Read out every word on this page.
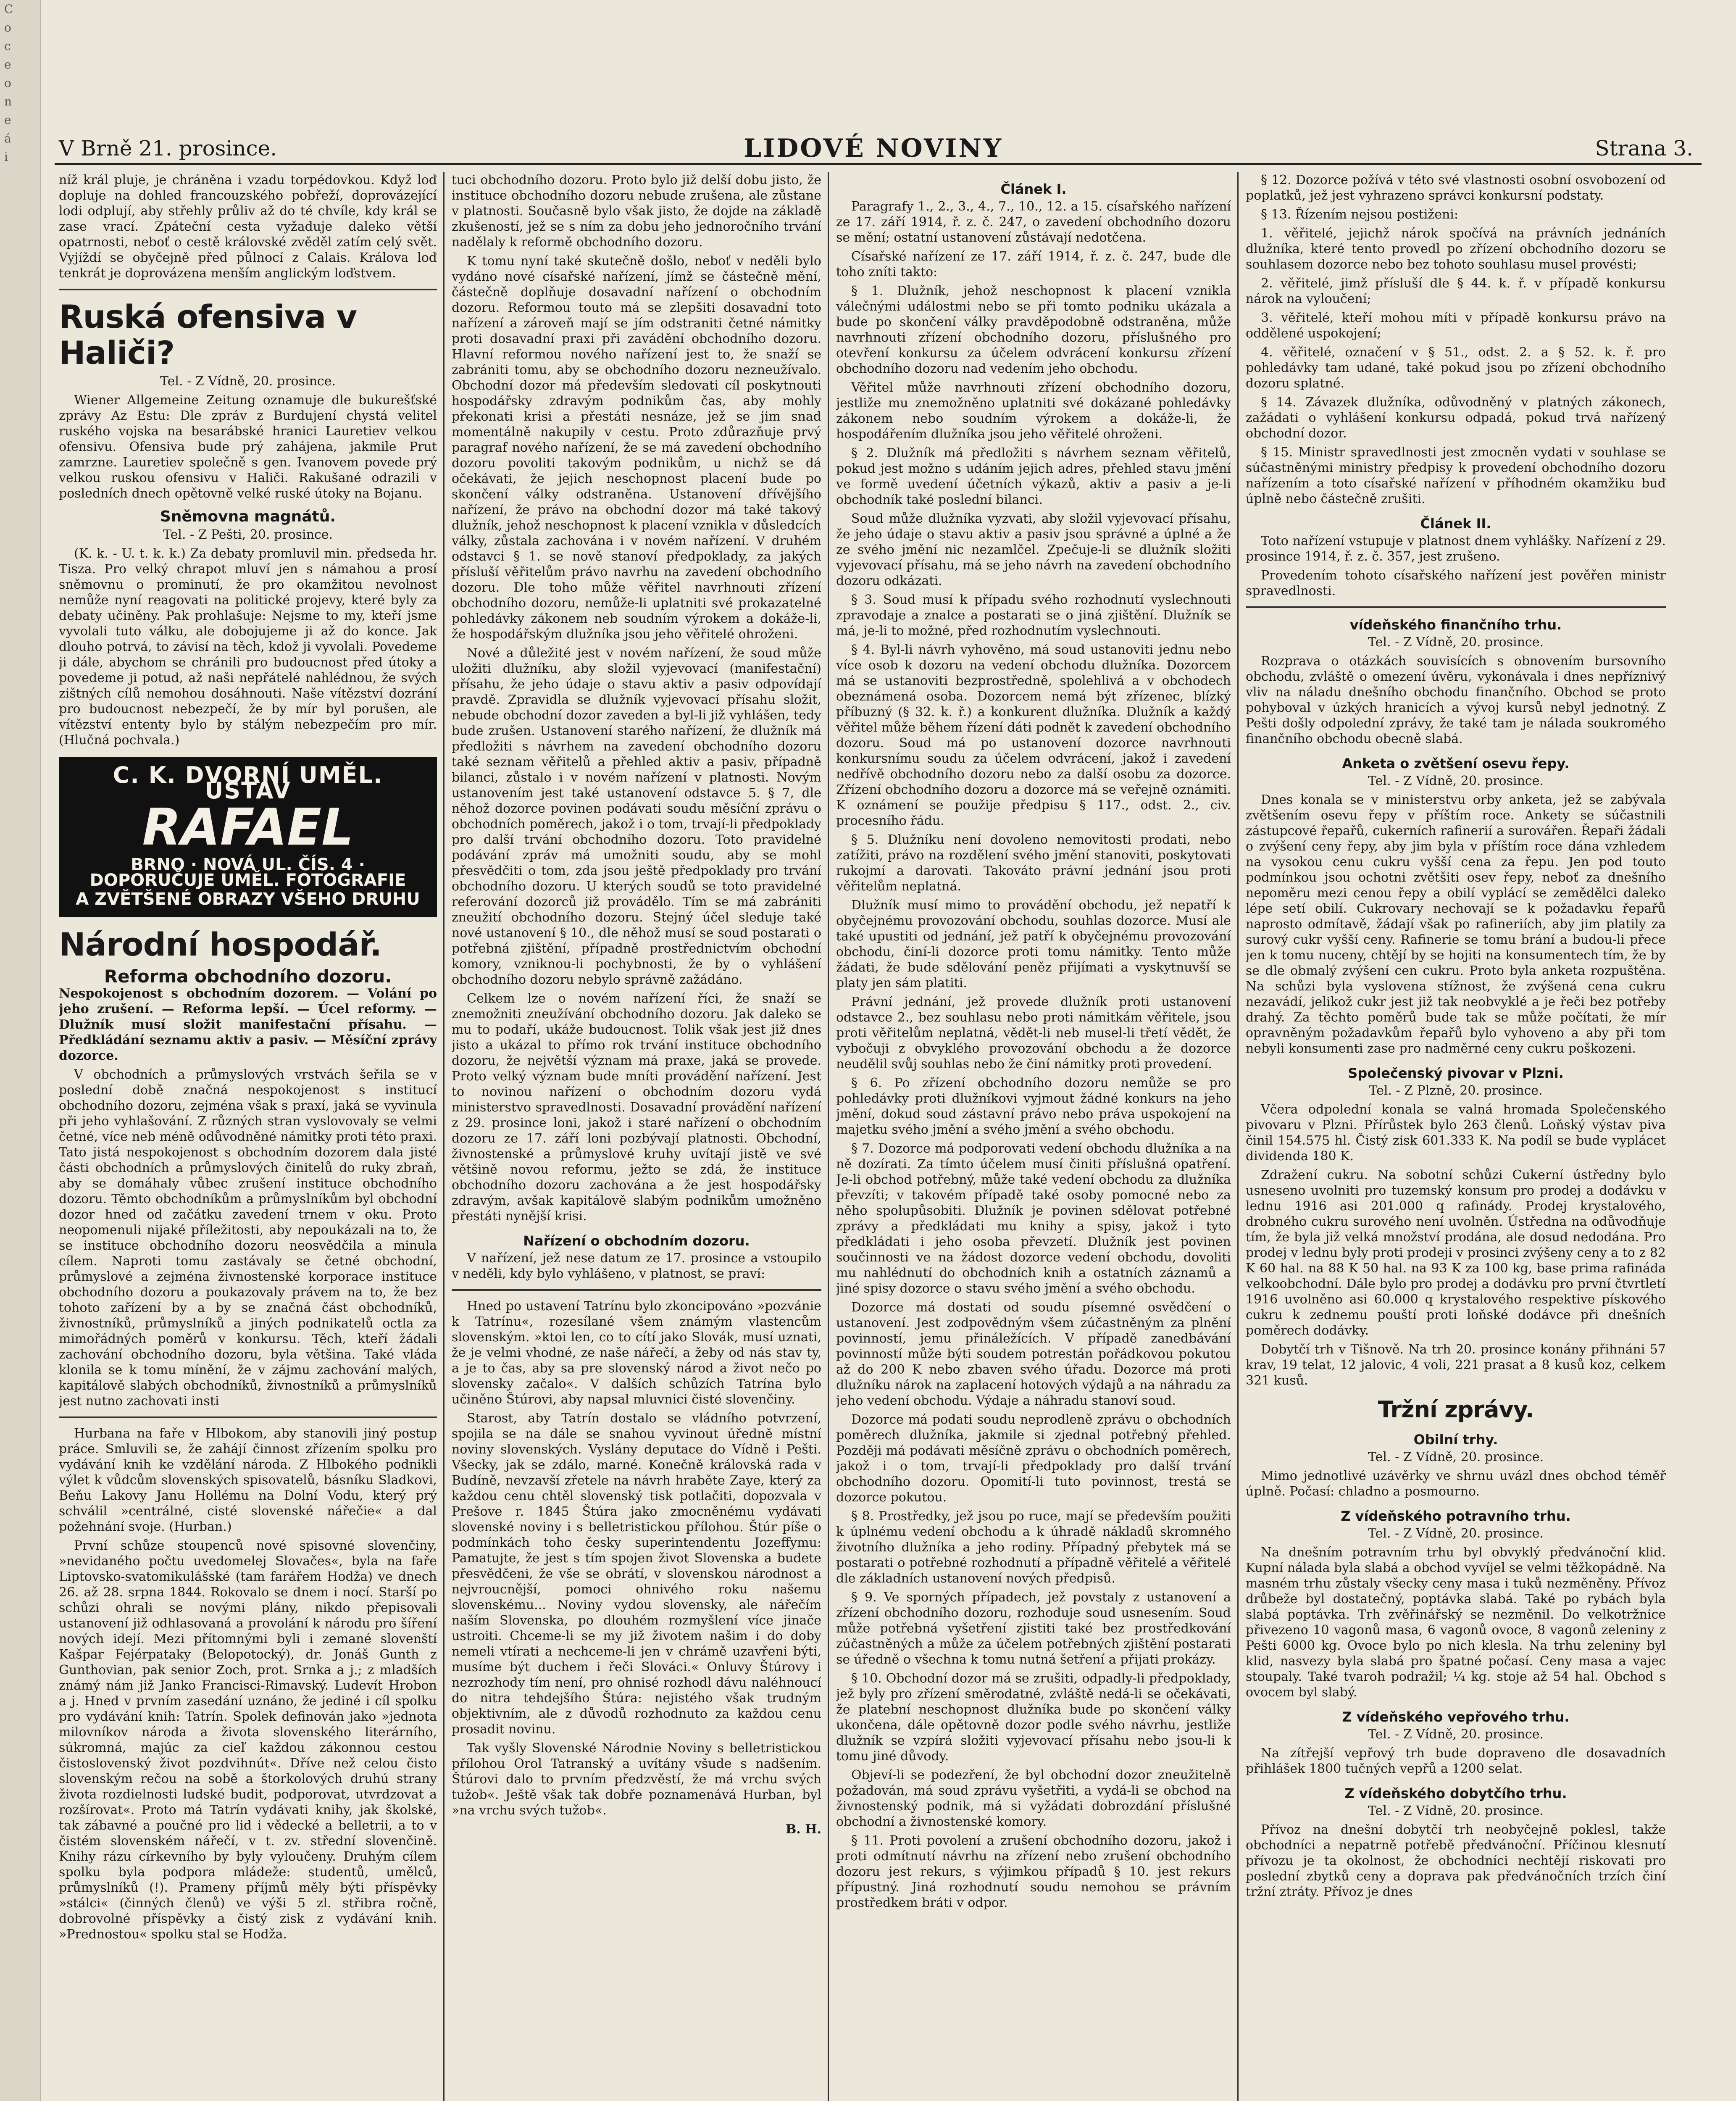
C
o
c
e
o
n
e
á
i	V Brně 21. prosince.	LIDOVÉ NOVINY	Strana 3.

níž král pluje, je chráněna i vzadu torpédovkou. Když loď dopluje na dohled francouzského pobřeží, doprovázející lodi odplují, aby střehly průliv až do té chvíle, kdy král se zase vrací. Zpáteční cesta vyžaduje daleko větší opatrnosti, neboť o cestě královské zvěděl zatím celý svět. Vyjíždí se obyčejně před půlnocí z Calais. Králova loď tenkrát je doprovázena menším anglickým loďstvem.

Ruská ofensiva v Haliči?
Tel. - Z Vídně, 20. prosince.

Wiener Allgemeine Zeitung oznamuje dle bukurešťské zprávy Az Estu: Dle zpráv z Burdujení chystá velitel ruského vojska na besarábské hranici Lauretiev velkou ofensivu. Ofensiva bude prý zahájena, jakmile Prut zamrzne. Lauretiev společně s gen. Ivanovem povede prý velkou ruskou ofensivu v Haliči. Rakušané odrazili v posledních dnech opětovně velké ruské útoky na Bojanu.

Sněmovna magnátů.
Tel. - Z Pešti, 20. prosince.

(K. k. - U. t. k. k.) Za debaty promluvil min. předseda hr. Tisza. Pro velký chrapot mluví jen s námahou a prosí sněmovnu o prominutí, že pro okamžitou nevolnost nemůže nyní reagovati na politické projevy, které byly za debaty učiněny. Pak prohlašuje: Nejsme to my, kteří jsme vyvolali tuto válku, ale dobojujeme ji až do konce. Jak dlouho potrvá, to závisí na těch, kdož ji vyvolali. Povedeme ji dále, abychom se chránili pro budoucnost před útoky a povedeme ji potud, až naši nepřátelé nahlédnou, že svých zištných cílů nemohou dosáhnouti. Naše vítězství dozrání pro budoucnost nebezpečí, že by mír byl porušen, ale vítězství ententy bylo by stálým nebezpečím pro mír. (Hlučná pochvala.)

C. K. DVORNÍ UMĚL. ÚSTAV
RAFAEL
BRNO · NOVÁ UL. ČÍS. 4 · DOPORUČUJE UMĚL. FOTOGRAFIE
A ZVĚTŠENÉ OBRAZY VŠEHO DRUHU
Národní hospodář.
Reforma obchodního dozoru.

Nespokojenost s obchodním dozorem. — Volání po jeho zrušení. — Reforma lepší. — Úcel reformy. — Dlužník musí složit manifestační přísahu. — Předkládání seznamu aktiv a pasiv. — Měsíční zprávy dozorce.

V obchodních a průmyslových vrstvách šeřila se v poslední době značná nespokojenost s institucí obchodního dozoru, zejména však s praxí, jaká se vyvinula při jeho vyhlašování. Z různých stran vyslovovaly se velmi četné, více neb méně odůvodněné námitky proti této praxi. Tato jistá nespokojenost s obchodním dozorem dala jisté části obchodních a průmyslových činitelů do ruky zbraň, aby se domáhaly vůbec zrušení instituce obchodního dozoru. Těmto obchodníkům a průmyslníkům byl obchodní dozor hned od začátku zavedení trnem v oku. Proto neopomenuli nijaké příležitosti, aby nepoukázali na to, že se instituce obchodního dozoru neosvědčila a minula cílem. Naproti tomu zastávaly se četné obchodní, průmyslové a zejména živnostenské korporace instituce obchodního dozoru a poukazovaly právem na to, že bez tohoto zařízení by a by se značná část obchodníků, živnostníků, průmyslníků a jiných podnikatelů octla za mimořádných poměrů v konkursu. Těch, kteří žádali zachování obchodního dozoru, byla většina. Také vláda klonila se k tomu mínění, že v zájmu zachování malých, kapitálově slabých obchodníků, živnostníků a průmyslníků jest nutno zachovati insti

Hurbana na faře v Hlbokom, aby stanovili jiný postup práce. Smluvili se, že zahájí činnost zřízením spolku pro vydávání knih ke vzdělání národa. Z Hlbokého podnikli výlet k vůdcům slovenských spisovatelů, básníku Sladkovi, Beňu Lakovy Janu Hollému na Dolní Vodu, který prý schválil »centrálné, cisté slovenské nářečie« a dal požehnání svoje. (Hurban.)

První schůze stoupenců nové spisovné slovenčiny, »nevidaného počtu uvedomelej Slovačes«, byla na faře Liptovsko-svatomikulášské (tam farářem Hodža) ve dnech 26. až 28. srpna 1844. Rokovalo se dnem i nocí. Starší po schůzi ohrali se novými plány, nikdo přepisovali ustanovení již odhlasovaná a provolání k národu pro šíření nových idejí. Mezi přítomnými byli i zemané slovenští Kašpar Fejérpataky (Belopotocký), dr. Jonáš Gunth z Gunthovian, pak senior Zoch, prot. Srnka a j.; z mladších známý nám již Janko Francisci-Rimavský. Ludevít Hrobon a j. Hned v prvním zasedání uznáno, že jediné i cíl spolku pro vydávání knih: Tatrín. Spolek definován jako »jednota milovníkov národa a života slovenského literárního, súkromná, majúc za cieľ každou zákonnou cestou čistoslovenský život pozdvihnút«. Dříve než celou čisto slovenským rečou na sobě a štorkolových druhú strany života rozdielnosti ludské budit, podporovat, utvrdzovat a rozšírovat«. Proto má Tatrín vydávati knihy, jak školské, tak zábavné a poučné pro lid i vědecké a belletrii, a to v čistém slovenském nářečí, v t. zv. střední slovenčině. Knihy rázu církevního by byly vyloučeny. Druhým cílem spolku byla podpora mládeže: studentů, umělců, průmyslníků (!). Prameny příjmů měly býti příspěvky »stálci« (činných členů) ve výši 5 zl. střibra ročně, dobrovolné příspěvky a čistý zisk z vydávání knih. »Prednostou« spolku stal se Hodža.

tuci obchodního dozoru. Proto bylo již delší dobu jisto, že instituce obchodního dozoru nebude zrušena, ale zůstane v platnosti. Současně bylo však jisto, že dojde na základě zkušeností, jež se s ním za dobu jeho jednoročního trvání nadělaly k reformě obchodního dozoru.

K tomu nyní také skutečně došlo, neboť v neděli bylo vydáno nové císařské nařízení, jímž se částečně mění, částečně doplňuje dosavadní nařízení o obchodním dozoru. Reformou touto má se zlepšiti dosavadní toto nařízení a zároveň mají se jím odstraniti četné námitky proti dosavadní praxi při zavádění obchodního dozoru. Hlavní reformou nového nařízení jest to, že snaží se zabrániti tomu, aby se obchodního dozoru nezneužívalo. Obchodní dozor má především sledovati cíl poskytnouti hospodářsky zdravým podnikům čas, aby mohly překonati krisi a přestáti nesnáze, jež se jim snad momentálně nakupily v cestu. Proto zdůrazňuje prvý paragraf nového nařízení, že se má zavedení obchodního dozoru povoliti takovým podnikům, u nichž se dá očekávati, že jejich neschopnost placení bude po skončení války odstraněna. Ustanovení dřívějšího nařízení, že právo na obchodní dozor má také takový dlužník, jehož neschopnost k placení vznikla v důsledcích války, zůstala zachována i v novém nařízení. V druhém odstavci § 1. se nově stanoví předpoklady, za jakých přísluší věřitelům právo navrhu na zavedení obchodního dozoru. Dle toho může věřitel navrhnouti zřízení obchodního dozoru, nemůže-li uplatniti své prokazatelné pohledávky zákonem neb soudním výrokem a dokáže-li, že hospodářským dlužníka jsou jeho věřitelé ohroženi.

Nové a důležité jest v novém nařízení, že soud může uložiti dlužníku, aby složil vyjevovací (manifestační) přísahu, že jeho údaje o stavu aktiv a pasiv odpovídají pravdě. Zpravidla se dlužník vyjevovací přísahu složit, nebude obchodní dozor zaveden a byl-li již vyhlášen, tedy bude zrušen. Ustanovení starého nařízení, že dlužník má předložiti s návrhem na zavedení obchodního dozoru také seznam věřitelů a přehled aktiv a pasiv, případně bilanci, zůstalo i v novém nařízení v platnosti. Novým ustanovením jest také ustanovení odstavce 5. § 7, dle něhož dozorce povinen podávati soudu měsíční zprávu o obchodních poměrech, jakož i o tom, trvají-li předpoklady pro další trvání obchodního dozoru. Toto pravidelné podávání zpráv má umožniti soudu, aby se mohl přesvědčiti o tom, zda jsou ještě předpoklady pro trvání obchodního dozoru. U kterých soudů se toto pravidelné referování dozorců již provádělo. Tím se má zabrániti zneužití obchodního dozoru. Stejný účel sleduje také nové ustanovení § 10., dle něhož musí se soud postarati o potřebná zjištění, případně prostřednictvím obchodní komory, vzniknou-li pochybnosti, že by o vyhlášení obchodního dozoru nebylo správně zažádáno.

Celkem lze o novém nařízení říci, že snaží se znemožniti zneužívání obchodního dozoru. Jak daleko se mu to podaří, ukáže budoucnost. Tolik však jest již dnes jisto a ukázal to přímo rok trvání instituce obchodního dozoru, že největší význam má praxe, jaká se provede. Proto velký význam bude mníti provádění nařízení. Jest to novinou nařízení o obchodním dozoru vydá ministerstvo spravedlnosti. Dosavadní provádění nařízení z 29. prosince loni, jakož i staré nařízení o obchodním dozoru ze 17. září loni pozbývají platnosti. Obchodní, živnostenské a průmyslové kruhy uvítají jistě ve své většině novou reformu, ježto se zdá, že instituce obchodního dozoru zachována a že jest hospodářsky zdravým, avšak kapitálově slabým podnikům umožněno přestáti nynější krisi.

Nařízení o obchodním dozoru.

V nařízení, jež nese datum ze 17. prosince a vstoupilo v neděli, kdy bylo vyhlášeno, v platnost, se praví:

Hned po ustavení Tatrínu bylo zkoncipováno »pozvánie k Tatrínu«, rozesílané všem známým vlastencům slovenským. »ktoi len, co to cítí jako Slovák, musí uznati, že je velmi vhodné, ze naše nářečí, a žeby od nás stav ty, a je to čas, aby sa pre slovenský národ a život nečo po slovensky začalo«. V dalších schůzích Tatrína bylo učiněno Štúrovi, aby napsal mluvnici čisté slovenčiny.

Starost, aby Tatrín dostalo se vládního potvrzení, spojila se na dále se snahou vyvinout úředně místní noviny slovenských. Vyslány deputace do Vídně i Pešti. Všecky, jak se zdálo, marné. Konečně královská rada v Budíně, nevzavší zřetele na návrh hraběte Zaye, který za každou cenu chtěl slovenský tisk potlačiti, dopozvala v Prešove r. 1845 Štúra jako zmocněnému vydávati slovenské noviny i s belletristickou přílohou. Štúr píše o podmínkách toho česky superintendentu Jozeffymu: Pamatujte, že jest s tím spojen život Slovenska a budete přesvědčeni, že vše se obrátí, v slovenskou národnost a nejvroucnější, pomoci ohnivého roku našemu slovenskému... Noviny vydou slovensky, ale nářečím naším Slovenska, po dlouhém rozmyšlení více jinače ustroiti. Chceme-li se my již životem našim i do doby nemeli vtírati a nechceme-li jen v chrámě uzavřeni býti, musíme být duchem i řeči Slováci.« Onluvy Štúrovy i nezrozhody tím není, pro ohnisé rozhodl dávu naléhnoucí do nitra tehdejšího Štúra: nejistého však trudným objektivním, ale z důvodů rozhodnuto za každou cenu prosadit novinu.

Tak vyšly Slovenské Národnie Noviny s belletristickou přílohou Orol Tatranský a uvítány všude s nadšením. Štúrovi dalo to prvním předzvěstí, že má vrchu svých tužob«. Ještě však tak dobře poznamenává Hurban, byl »na vrchu svých tužob«.

B. H.
Článek I.

Paragrafy 1., 2., 3., 4., 7., 10., 12. a 15. císařského nařízení ze 17. září 1914, ř. z. č. 247, o zavedení obchodního dozoru se mění; ostatní ustanovení zůstávají nedotčena.

Císařské nařízení ze 17. září 1914, ř. z. č. 247, bude dle toho zníti takto:

§ 1. Dlužník, jehož neschopnost k placení vznikla válečnými událostmi nebo se při tomto podniku ukázala a bude po skončení války pravděpodobně odstraněna, může navrhnouti zřízení obchodního dozoru, příslušného pro otevření konkursu za účelem odvrácení konkursu zřízení obchodního dozoru nad vedením jeho obchodu.

Věřitel může navrhnouti zřízení obchodního dozoru, jestliže mu znemožněno uplatniti své dokázané pohledávky zákonem nebo soudním výrokem a dokáže-li, že hospodářením dlužníka jsou jeho věřitelé ohroženi.

§ 2. Dlužník má předložiti s návrhem seznam věřitelů, pokud jest možno s udáním jejich adres, přehled stavu jmění ve formě uvedení účetních výkazů, aktiv a pasiv a je-li obchodník také poslední bilanci.

Soud může dlužníka vyzvati, aby složil vyjevovací přísahu, že jeho údaje o stavu aktiv a pasiv jsou správné a úplné a že ze svého jmění nic nezamlčel. Zpečuje-li se dlužník složiti vyjevovací přísahu, má se jeho návrh na zavedení obchodního dozoru odkázati.

§ 3. Soud musí k případu svého rozhodnutí vyslechnouti zpravodaje a znalce a postarati se o jiná zjištění. Dlužník se má, je-li to možné, před rozhodnutím vyslechnouti.

§ 4. Byl-li návrh vyhověno, má soud ustanoviti jednu nebo více osob k dozoru na vedení obchodu dlužníka. Dozorcem má se ustanoviti bezprostředně, spolehlivá a v obchodech obeznámená osoba. Dozorcem nemá být zřízenec, blízký příbuzný (§ 32. k. ř.) a konkurent dlužníka. Dlužník a každý věřitel může během řízení dáti podnět k zavedení obchodního dozoru. Soud má po ustanovení dozorce navrhnouti konkursnímu soudu za účelem odvrácení, jakož i zavedení nedřívě obchodního dozoru nebo za další osobu za dozorce. Zřízení obchodního dozoru a dozorce má se veřejně oznámiti. K oznámení se použije předpisu § 117., odst. 2., civ. procesního řádu.

§ 5. Dlužníku není dovoleno nemovitosti prodati, nebo zatížiti, právo na rozdělení svého jmění stanoviti, poskytovati rukojmí a darovati. Takováto právní jednání jsou proti věřitelům neplatná.

Dlužník musí mimo to provádění obchodu, jež nepatří k obyčejnému provozování obchodu, souhlas dozorce. Musí ale také upustiti od jednání, jež patří k obyčejnému provozování obchodu, činí-li dozorce proti tomu námitky. Tento může žádati, že bude sdělování peněz přijímati a vyskytnuvší se platy jen sám platiti.

Právní jednání, jež provede dlužník proti ustanovení odstavce 2., bez souhlasu nebo proti námitkám věřitele, jsou proti věřitelům neplatná, vědět-li neb musel-li třetí vědět, že vybočuji z obvyklého provozování obchodu a že dozorce neudělil svůj souhlas nebo že činí námitky proti provedení.

§ 6. Po zřízení obchodního dozoru nemůže se pro pohledávky proti dlužníkovi vyjmout žádné konkurs na jeho jmění, dokud soud zástavní právo nebo práva uspokojení na majetku svého jmění a svého jmění a svého obchodu.

§ 7. Dozorce má podporovati vedení obchodu dlužníka a na ně dozírati. Za tímto účelem musí činiti příslušná opatření. Je-li obchod potřebný, může také vedení obchodu za dlužníka převzíti; v takovém případě také osoby pomocné nebo za něho spolupůsobiti. Dlužník je povinen sdělovat potřebné zprávy a předkládati mu knihy a spisy, jakož i tyto předkládati i jeho osoba převzetí. Dlužník jest povinen součinnosti ve na žádost dozorce vedení obchodu, dovoliti mu nahlédnutí do obchodních knih a ostatních záznamů a jiné spisy dozorce o stavu svého jmění a svého obchodu.

Dozorce má dostati od soudu písemné osvědčení o ustanovení. Jest zodpovědným všem zúčastněným za plnění povinností, jemu přináležících. V případě zanedbávání povinností může býti soudem potrestán pořádkovou pokutou až do 200 K nebo zbaven svého úřadu. Dozorce má proti dlužníku nárok na zaplacení hotových výdajů a na náhradu za jeho vedení obchodu. Výdaje a náhradu stanoví soud.

Dozorce má podati soudu neprodleně zprávu o obchodních poměrech dlužníka, jakmile si zjednal potřebný přehled. Později má podávati měsíčně zprávu o obchodních poměrech, jakož i o tom, trvají-li předpoklady pro další trvání obchodního dozoru. Opomití-li tuto povinnost, trestá se dozorce pokutou.

§ 8. Prostředky, jež jsou po ruce, mají se především použiti k úplnému vedení obchodu a k úhradě nákladů skromného životního dlužníka a jeho rodiny. Případný přebytek má se postarati o potřebné rozhodnutí a případně věřitelé a věřitelé dle základních ustanovení nových předpisů.

§ 9. Ve sporných případech, jež povstaly z ustanovení a zřízení obchodního dozoru, rozhoduje soud usnesením. Soud může potřebná vyšetření zjistiti také bez prostředkování zúčastněných a může za účelem potřebných zjištění postarati se úředně o všechna k tomu nutná šetření a přijati prokázy.

§ 10. Obchodní dozor má se zrušiti, odpadly-li předpoklady, jež byly pro zřízení směrodatné, zvláště nedá-li se očekávati, že platební neschopnost dlužníka bude po skončení války ukončena, dále opětovně dozor podle svého návrhu, jestliže dlužník se vzpírá složiti vyjevovací přísahu nebo jsou-li k tomu jiné důvody.

Objeví-li se podezření, že byl obchodní dozor zneužitelně požadován, má soud zprávu vyšetřiti, a vydá-li se obchod na živnostenský podnik, má si vyžádati dobrozdání příslušné obchodní a živnostenské komory.

§ 11. Proti povolení a zrušení obchodního dozoru, jakož i proti odmítnutí návrhu na zřízení nebo zrušení obchodního dozoru jest rekurs, s výjimkou případů § 10. jest rekurs přípustný. Jiná rozhodnutí soudu nemohou se právním prostředkem bráti v odpor.

§ 12. Dozorce požívá v této své vlastnosti osobní osvobození od poplatků, jež jest vyhrazeno správci konkursní podstaty.

§ 13. Řízením nejsou postiženi:

1. věřitelé, jejichž nárok spočívá na právních jednáních dlužníka, které tento provedl po zřízení obchodního dozoru se souhlasem dozorce nebo bez tohoto souhlasu musel provésti;

2. věřitelé, jimž přísluší dle § 44. k. ř. v případě konkursu nárok na vyloučení;

3. věřitelé, kteří mohou míti v případě konkursu právo na oddělené uspokojení;

4. věřitelé, označení v § 51., odst. 2. a § 52. k. ř. pro pohledávky tam udané, také pokud jsou po zřízení obchodního dozoru splatné.

§ 14. Závazek dlužníka, odůvodněný v platných zákonech, zažádati o vyhlášení konkursu odpadá, pokud trvá nařízený obchodní dozor.

§ 15. Ministr spravedlnosti jest zmocněn vydati v souhlase se súčastněnými ministry předpisy k provedení obchodního dozoru nařízením a toto císařské nařízení v příhodném okamžiku buď úplně nebo částečně zrušiti.

Článek II.

Toto nařízení vstupuje v platnost dnem vyhlášky. Nařízení z 29. prosince 1914, ř. z. č. 357, jest zrušeno.

Provedením tohoto císařského nařízení jest pověřen ministr spravedlnosti.

vídeňského finančního trhu.
Tel. - Z Vídně, 20. prosince.

Rozprava o otázkách souvisících s obnovením bursovního obchodu, zvláště o omezení úvěru, vykonávala i dnes nepříznivý vliv na náladu dnešního obchodu finančního. Obchod se proto pohyboval v úzkých hranicích a vývoj kursů nebyl jednotný. Z Pešti došly odpolední zprávy, že také tam je nálada soukromého finančního obchodu obecně slabá.

Anketa o zvětšení osevu řepy.
Tel. - Z Vídně, 20. prosince.

Dnes konala se v ministerstvu orby anketa, jež se zabývala zvětšením osevu řepy v příštím roce. Ankety se súčastnili zástupcové řepařů, cukerních rafinerií a surovářen. Řepaři žádali o zvýšení ceny řepy, aby jim byla v příštím roce dána vzhledem na vysokou cenu cukru vyšší cena za řepu. Jen pod touto podmínkou jsou ochotni zvětšiti osev řepy, neboť za dnešního nepoměru mezi cenou řepy a obilí vyplácí se zemědělci daleko lépe setí obilí. Cukrovary nechovají se k požadavku řepařů naprosto odmítavě, žádají však po rafineriích, aby jim platily za surový cukr vyšší ceny. Rafinerie se tomu brání a budou-li přece jen k tomu nuceny, chtějí by se hojiti na konsumentech tím, že by se dle obmalý zvýšení cen cukru. Proto byla anketa rozpuštěna. Na schůzi byla vyslovena stížnost, že zvýšená cena cukru nezavádí, jelikož cukr jest již tak neobvyklé a je řeči bez potřeby drahý. Za těchto poměrů bude tak se může počítati, že mír opravněným požadavkům řepařů bylo vyhoveno a aby při tom nebyli konsumenti zase pro nadměrné ceny cukru poškozeni.

Společenský pivovar v Plzni.
Tel. - Z Plzně, 20. prosince.

Včera odpolední konala se valná hromada Společenského pivovaru v Plzni. Přírůstek bylo 263 členů. Loňský výstav piva činil 154.575 hl. Čistý zisk 601.333 K. Na podíl se bude vyplácet dividenda 180 K.

Zdražení cukru. Na sobotní schůzi Cukerní ústředny bylo usneseno uvolniti pro tuzemský konsum pro prodej a dodávku v lednu 1916 asi 201.000 q rafinády. Prodej krystalového, drobného cukru surového není uvolněn. Ústředna na odůvodňuje tím, že byla již velká množství prodána, ale dosud nedodána. Pro prodej v lednu byly proti prodeji v prosinci zvýšeny ceny a to z 82 K 60 hal. na 88 K 50 hal. na 93 K za 100 kg, base prima rafináda velkoobchodní. Dále bylo pro prodej a dodávku pro první čtvrtletí 1916 uvolněno asi 60.000 q krystalového respektive pískového cukru k zednemu pouští proti loňské dodávce při dnešních poměrech dodávky.

Dobytčí trh v Tišnově. Na trh 20. prosince konány přihnáni 57 krav, 19 telat, 12 jalovic, 4 voli, 221 prasat a 8 kusů koz, celkem 321 kusů.

Tržní zprávy.
Obilní trhy.
Tel. - Z Vídně, 20. prosince.

Mimo jednotlivé uzávěrky ve shrnu uvázl dnes obchod téměř úplně. Počasí: chladno a posmourno.

Z vídeňského potravního trhu.
Tel. - Z Vídně, 20. prosince.

Na dnešním potravním trhu byl obvyklý předvánoční klid. Kupní nálada byla slabá a obchod vyvíjel se velmi těžkopádně. Na masném trhu zůstaly všecky ceny masa i tuků nezměněny. Přívoz drůbeže byl dostatečný, poptávka slabá. Také po rybách byla slabá poptávka. Trh zvěřinářský se nezměnil. Do velkotržnice přivezeno 10 vagonů masa, 6 vagonů ovoce, 8 vagonů zeleniny z Pešti 6000 kg. Ovoce bylo po nich klesla. Na trhu zeleniny byl klid, nasvezy byla slabá pro špatné počasí. Ceny masa a vajec stoupaly. Také tvaroh podražil; ¼ kg. stoje až 54 hal. Obchod s ovocem byl slabý.

Z vídeňského vepřového trhu.
Tel. - Z Vídně, 20. prosince.

Na zítřejší vepřový trh bude dopraveno dle dosavadních přihlášek 1800 tučných vepřů a 1200 selat.

Z vídeňského dobytčího trhu.
Tel. - Z Vídně, 20. prosince.

Přívoz na dnešní dobytčí trh neobyčejně poklesl, takže obchodníci a nepatrně potřebě předvánoční. Příčinou klesnutí přívozu je ta okolnost, že obchodníci nechtějí riskovati pro poslední zbytků ceny a doprava pak předvánočních trzích činí tržní ztráty. Přívoz je dnes
